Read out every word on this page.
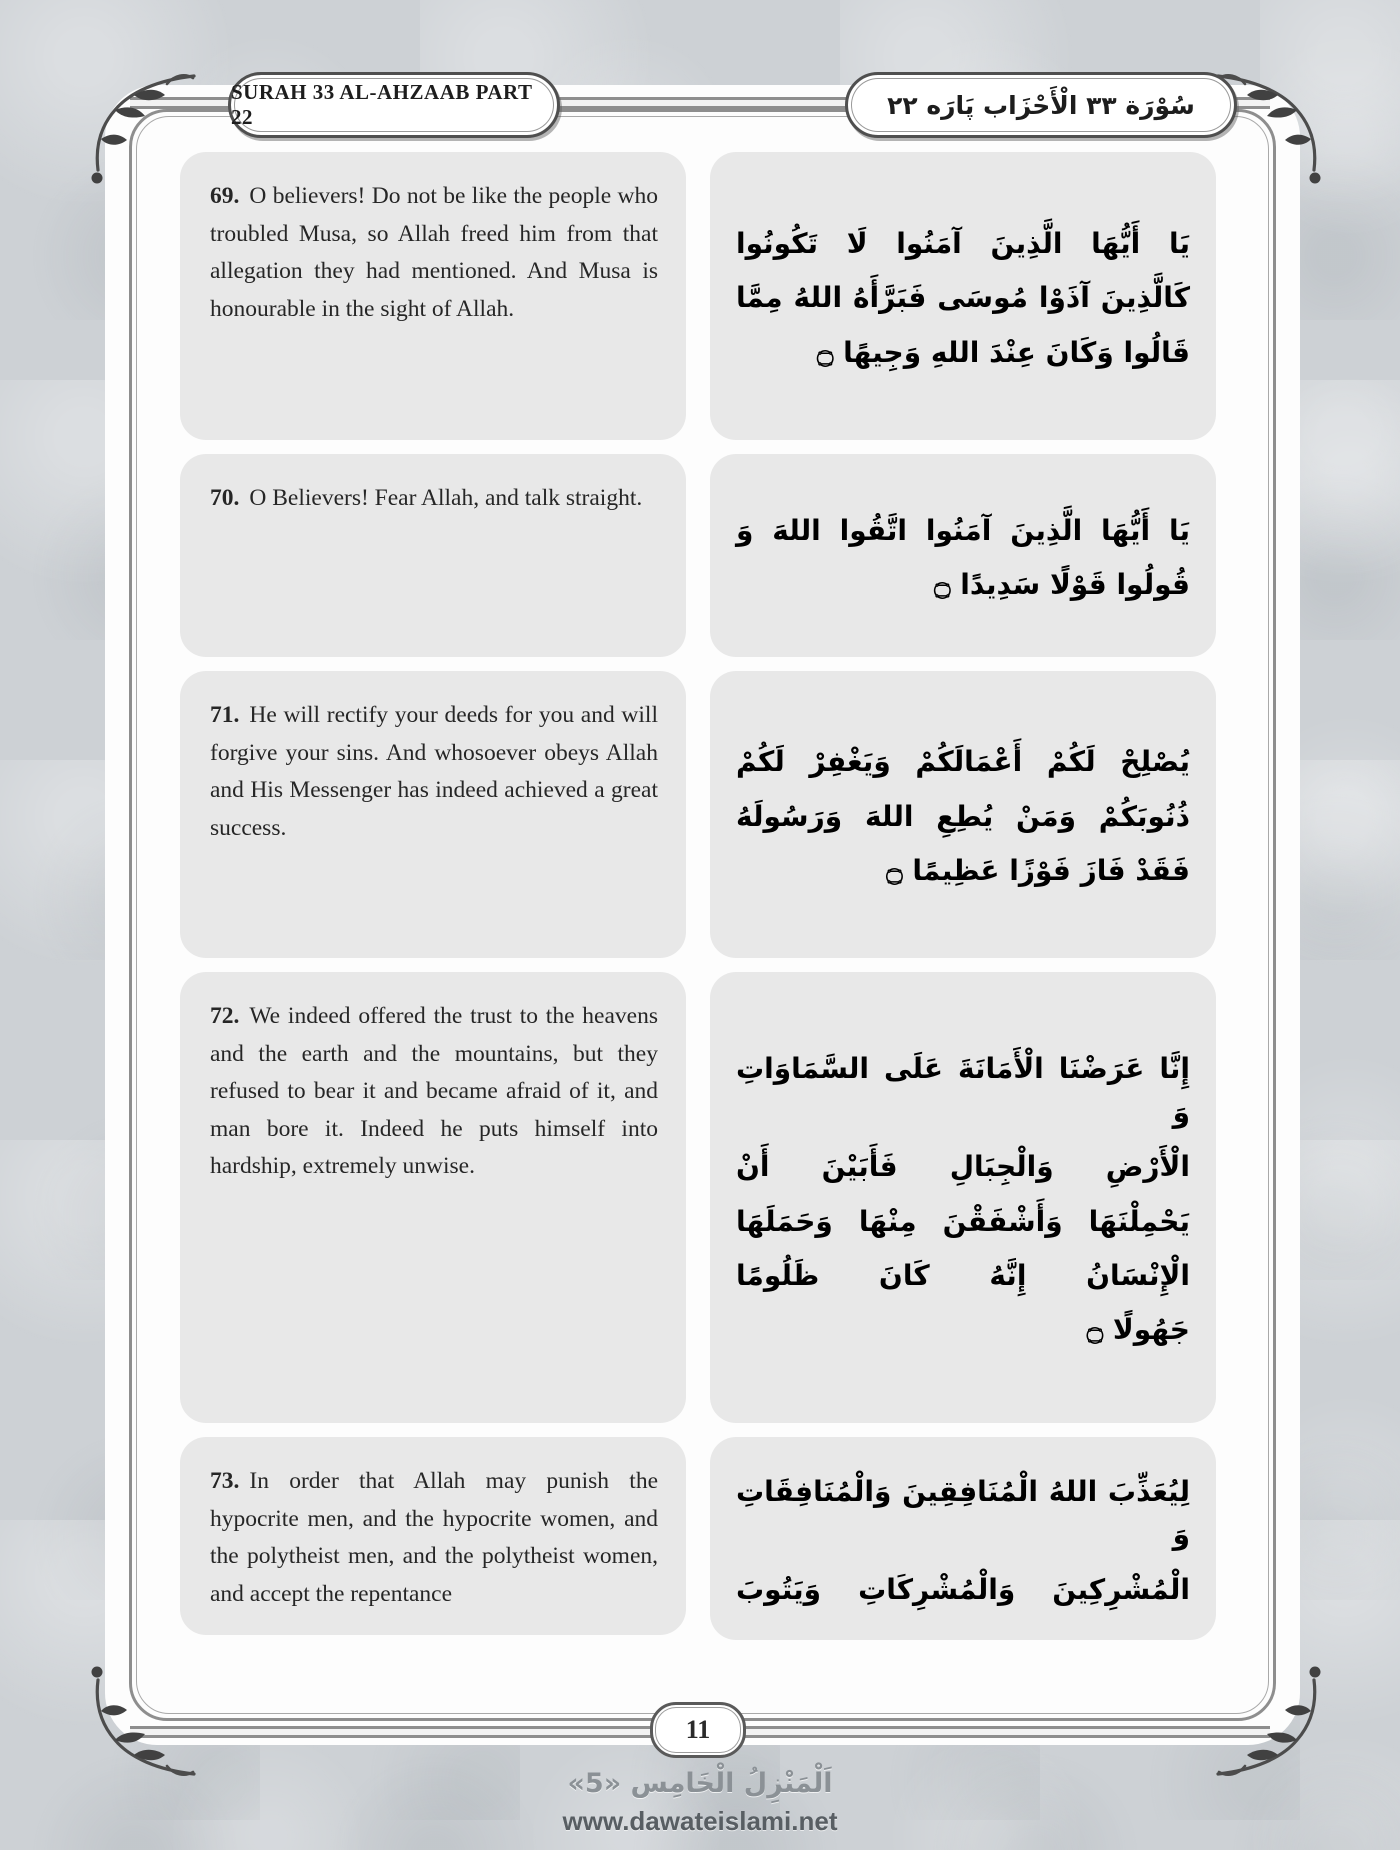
SURAH 33 AL-AHZAAB PART 22	سُوْرَة ٣٣ الْأَحْزَاب پَارَه ٢٢

69. O believers! Do not be like the people who troubled Musa, so Allah freed him from that allegation they had mentioned. And Musa is honourable in the sight of Allah.

يَا أَيُّهَا الَّذِينَ آمَنُوا لَا تَكُونُوا
كَالَّذِينَ آذَوْا مُوسَى فَبَرَّأَهُ اللهُ مِمَّا
قَالُوا وَكَانَ عِنْدَ اللهِ وَجِيهًا ۝

70. O Believers! Fear Allah, and talk straight.

يَا أَيُّهَا الَّذِينَ آمَنُوا اتَّقُوا اللهَ وَ
قُولُوا قَوْلًا سَدِيدًا ۝

71. He will rectify your deeds for you and will forgive your sins. And whosoever obeys Allah and His Messenger has indeed achieved a great success.

يُصْلِحْ لَكُمْ أَعْمَالَكُمْ وَيَغْفِرْ لَكُمْ
ذُنُوبَكُمْ وَمَنْ يُطِعِ اللهَ وَرَسُولَهُ
فَقَدْ فَازَ فَوْزًا عَظِيمًا ۝

72. We indeed offered the trust to the heavens and the earth and the mountains, but they refused to bear it and became afraid of it, and man bore it. Indeed he puts himself into hardship, extremely unwise.

إِنَّا عَرَضْنَا الْأَمَانَةَ عَلَى السَّمَاوَاتِ وَ
الْأَرْضِ وَالْجِبَالِ فَأَبَيْنَ أَنْ
يَحْمِلْنَهَا وَأَشْفَقْنَ مِنْهَا وَحَمَلَهَا
الْإِنْسَانُ إِنَّهُ كَانَ ظَلُومًا
جَهُولًا ۝

73. In order that Allah may punish the hypocrite men, and the hypocrite women, and the polytheist men, and the polytheist women, and accept the repentance

لِيُعَذِّبَ اللهُ الْمُنَافِقِينَ وَالْمُنَافِقَاتِ وَ
الْمُشْرِكِينَ وَالْمُشْرِكَاتِ وَيَتُوبَ
11
اَلْمَنْزِلُ الْخَامِس «5»
www.dawateislami.net
